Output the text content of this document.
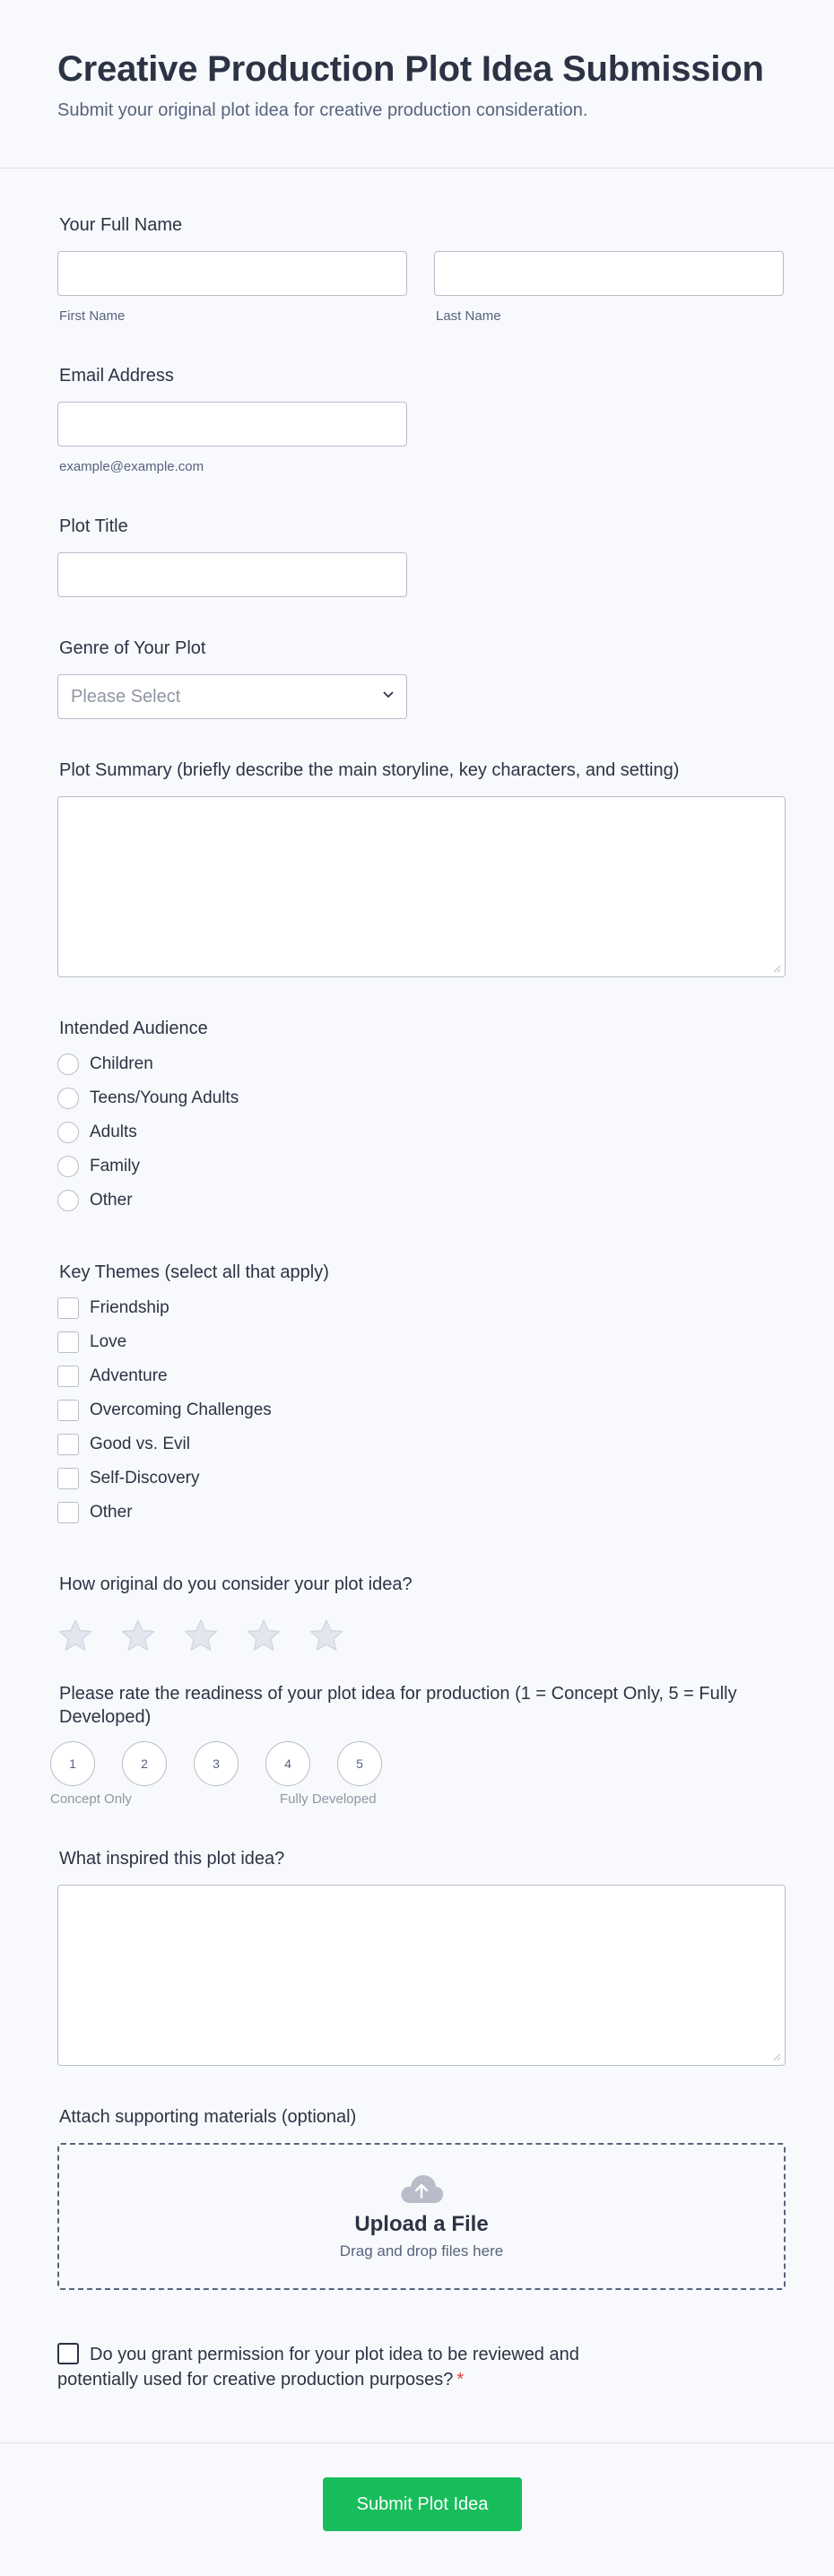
Creative Production Plot Idea Submission
Submit your original plot idea for creative production consideration.
Your Full Name
First Name	Last Name
Email Address
example@example.com
Plot Title
Genre of Your Plot
Please Select
Plot Summary (briefly describe the main storyline, key characters, and setting)
Intended Audience
Children
Teens/Young Adults
Adults
Family
Other
Key Themes (select all that apply)
Friendship
Love
Adventure
Overcoming Challenges
Good vs. Evil
Self-Discovery
Other
How original do you consider your plot idea?
Please rate the readiness of your plot idea for production (1 = Concept Only, 5 = Fully Developed)
1	2	3	4	5
Concept Only	Fully Developed
What inspired this plot idea?
Attach supporting materials (optional)
Upload a File
Drag and drop files here
Do you grant permission for your plot idea to be reviewed and potentially used for creative production purposes? *
Submit Plot Idea
